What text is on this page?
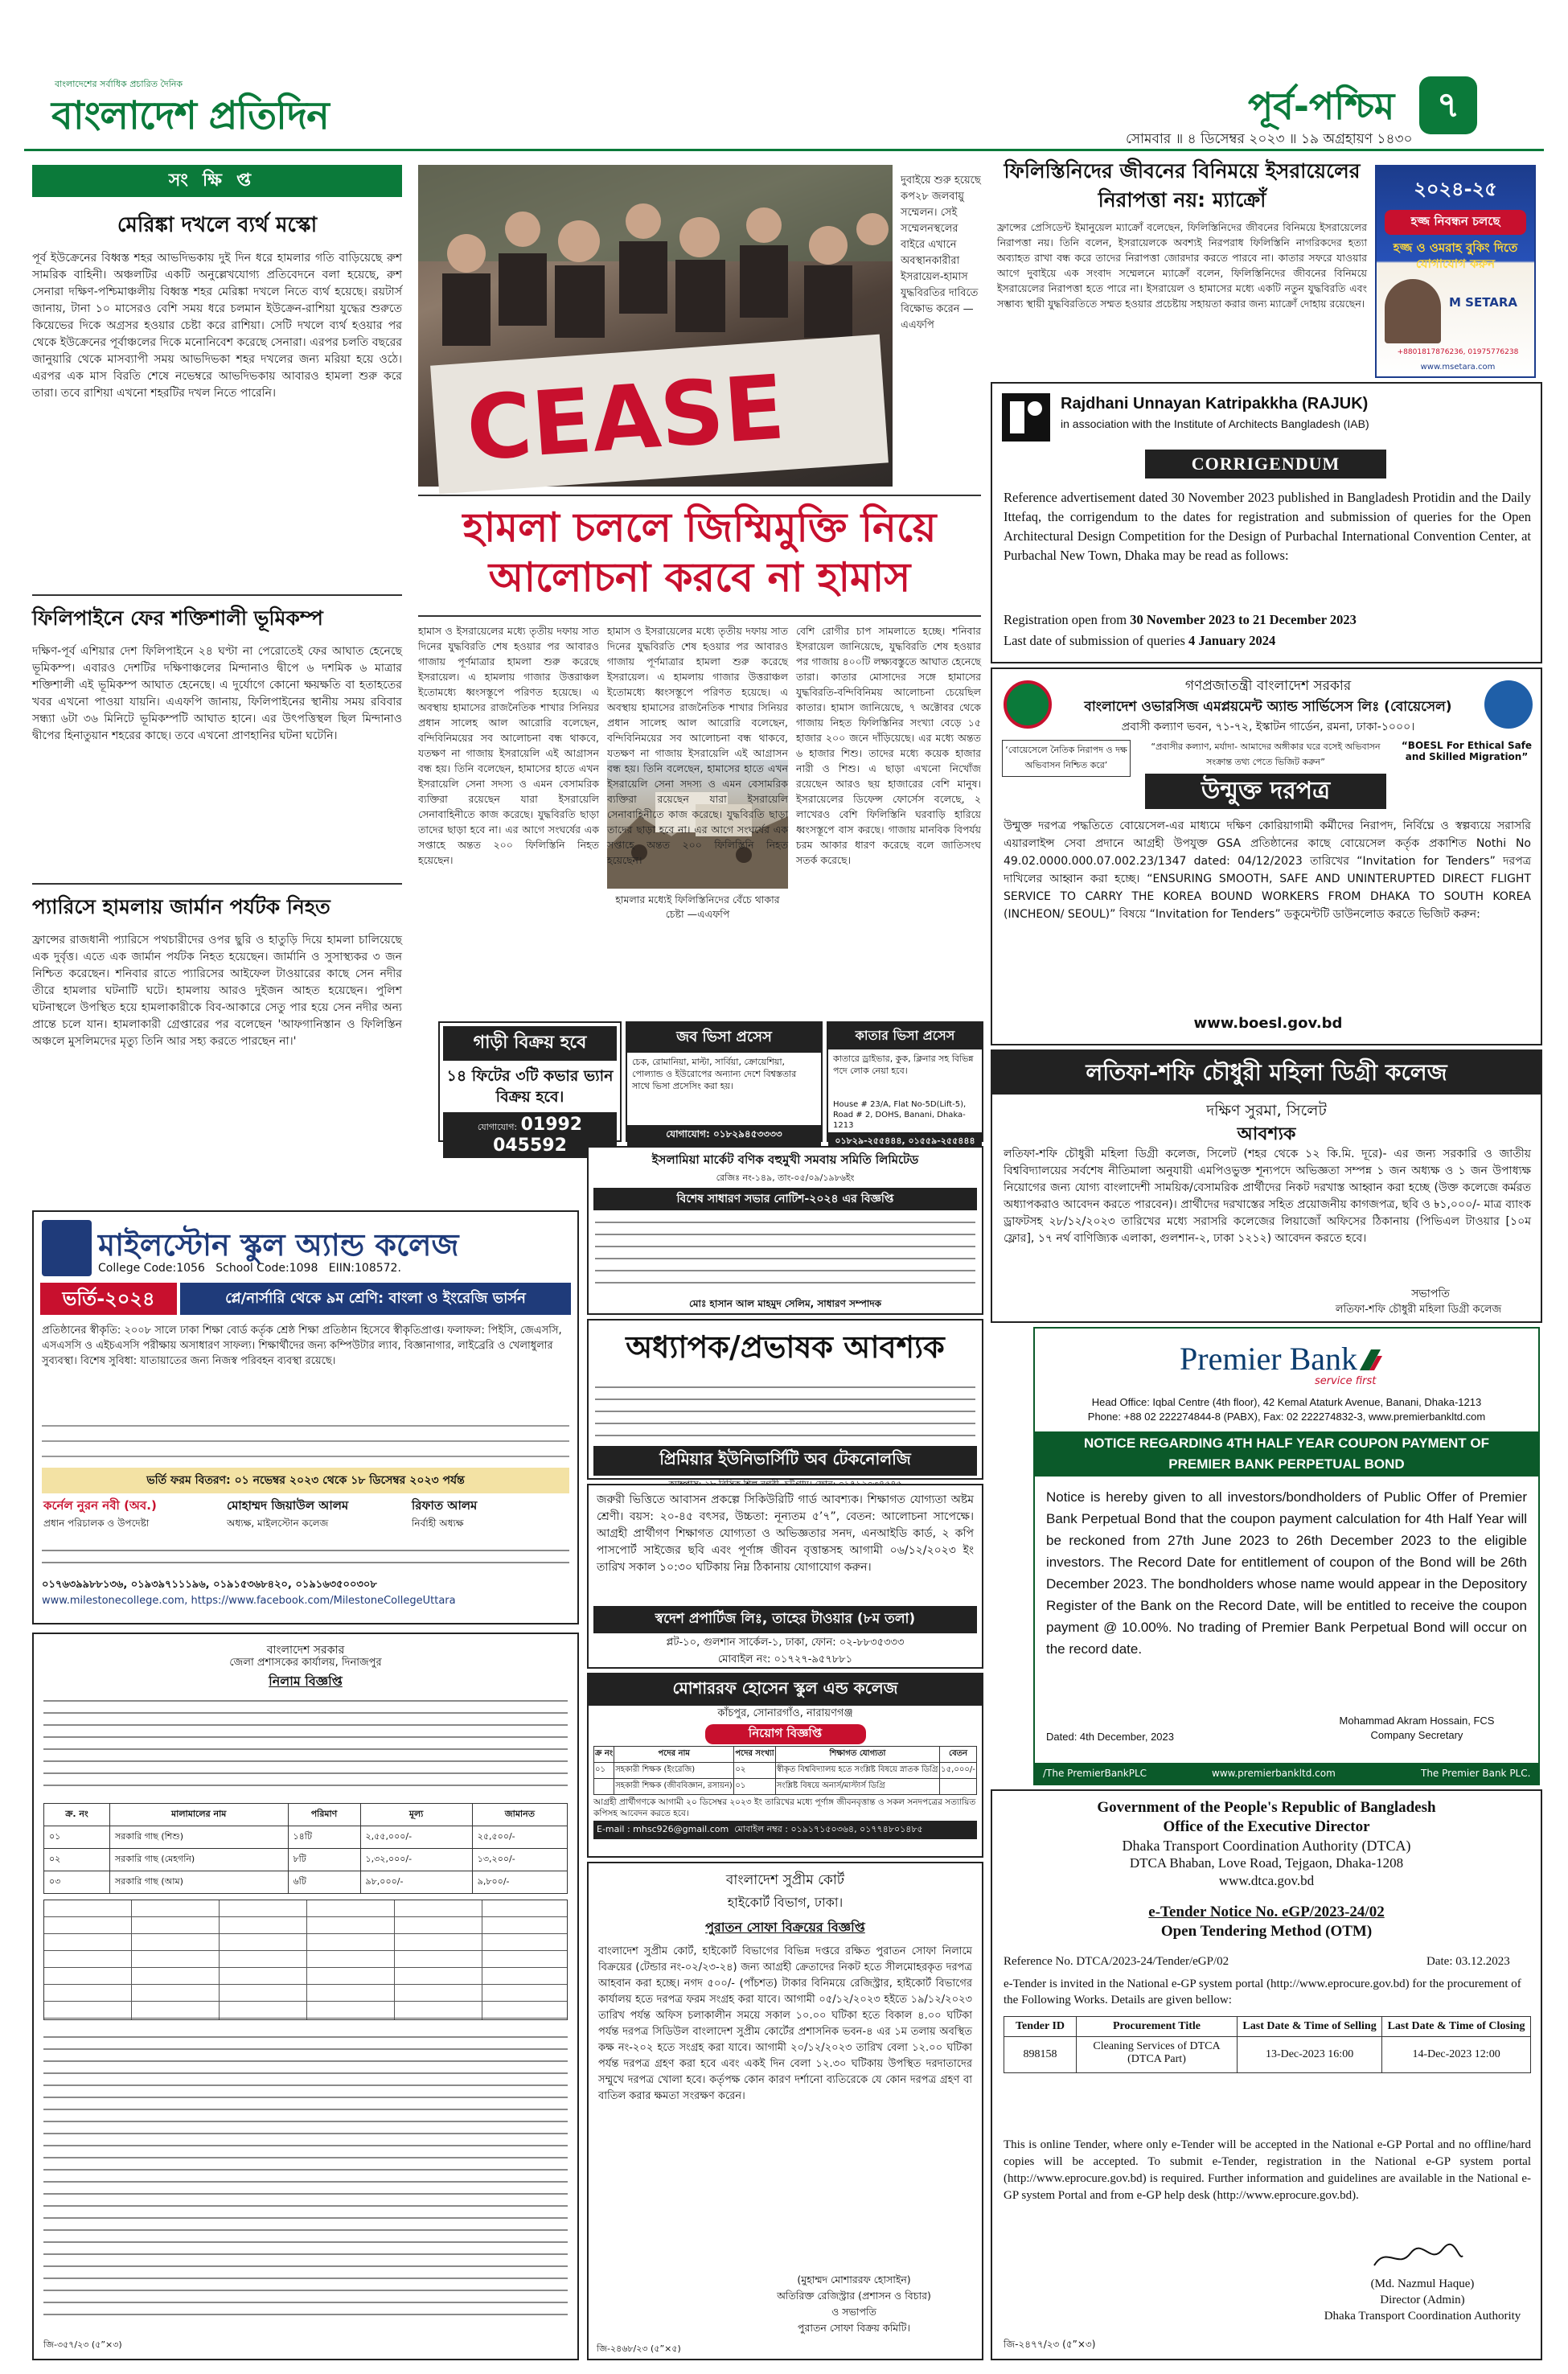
বাংলাদেশের সর্বাধিক প্রচারিত দৈনিক
বাংলাদেশ প্রতিদিন	পূর্ব-পশ্চিম	৭
সোমবার ॥ ৪ ডিসেম্বর ২০২৩ ॥ ১৯ অগ্রহায়ণ ১৪৩০
সংক্ষিপ্ত
মেরিঙ্কা দখলে ব্যর্থ মস্কো
পূর্ব ইউক্রেনের বিধ্বস্ত শহর আভদিভকায় দুই দিন ধরে হামলার গতি বাড়িয়েছে রুশ সামরিক বাহিনী। অঞ্চলটির একটি অনুল্লেখযোগ্য প্রতিবেদনে বলা হয়েছে, রুশ সেনারা দক্ষিণ-পশ্চিমাঞ্চলীয় বিধ্বস্ত শহর মেরিঙ্কা দখলে নিতে ব্যর্থ হয়েছে। রয়টার্স জানায়, টানা ১০ মাসেরও বেশি সময় ধরে চলমান ইউক্রেন-রাশিয়া যুদ্ধের শুরুতে কিয়েভের দিকে অগ্রসর হওয়ার চেষ্টা করে রাশিয়া। সেটি দখলে ব্যর্থ হওয়ার পর থেকে ইউক্রেনের পূর্বাঞ্চলের দিকে মনোনিবেশ করেছে সেনারা। এরপর চলতি বছরের জানুয়ারি থেকে মাসব্যাপী সময় আভদিভকা শহর দখলের জন্য মরিয়া হয়ে ওঠে। এরপর এক মাস বিরতি শেষে নভেম্বরে আভদিভকায় আবারও হামলা শুরু করে তারা। তবে রাশিয়া এখনো শহরটির দখল নিতে পারেনি।
ফিলিপাইনে ফের শক্তিশালী ভূমিকম্প
দক্ষিণ-পূর্ব এশিয়ার দেশ ফিলিপাইনে ২৪ ঘণ্টা না পেরোতেই ফের আঘাত হেনেছে ভূমিকম্প। এবারও দেশটির দক্ষিণাঞ্চলের মিন্দানাও দ্বীপে ৬ দশমিক ৬ মাত্রার শক্তিশালী এই ভূমিকম্প আঘাত হেনেছে। এ দুর্যোগে কোনো ক্ষয়ক্ষতি বা হতাহতের খবর এখনো পাওয়া যায়নি। এএফপি জানায়, ফিলিপাইনের স্থানীয় সময় রবিবার সন্ধ্যা ৬টা ৩৬ মিনিটে ভূমিকম্পটি আঘাত হানে। এর উৎপত্তিস্থল ছিল মিন্দানাও দ্বীপের হিনাতুয়ান শহরের কাছে। তবে এখনো প্রাণহানির ঘটনা ঘটেনি।
প্যারিসে হামলায় জার্মান পর্যটক নিহত
ফ্রান্সের রাজধানী প্যারিসে পথচারীদের ওপর ছুরি ও হাতুড়ি দিয়ে হামলা চালিয়েছে এক দুর্বৃত্ত। এতে এক জার্মান পর্যটক নিহত হয়েছেন। জার্মানি ও সুসাস্থ্যকর ৩ জন নিশ্চিত করেছেন। শনিবার রাতে প্যারিসের আইফেল টাওয়ারের কাছে সেন নদীর তীরে হামলার ঘটনাটি ঘটে। হামলায় আরও দুইজন আহত হয়েছেন। পুলিশ ঘটনাস্থলে উপস্থিত হয়ে হামলাকারীকে বিব-আকারে সেতু পার হয়ে সেন নদীর অন্য প্রান্তে চলে যান। হামলাকারী গ্রেপ্তারের পর বলেছেন 'আফগানিস্তান ও ফিলিস্তিন অঞ্চলে মুসলিমদের মৃত্যু তিনি আর সহ্য করতে পারছেন না।'
CEASE
দুবাইয়ে শুরু হয়েছে কপ২৮ জলবায়ু সম্মেলন। সেই সম্মেলনস্থলের বাইরে এখানে অবস্থানকারীরা ইসরায়েল-হামাস যুদ্ধবিরতির দাবিতে বিক্ষোভ করেন —এএফপি
হামলা চললে জিম্মিমুক্তি নিয়ে আলোচনা করবে না হামাস
হামাস ও ইসরায়েলের মধ্যে তৃতীয় দফায় সাত দিনের যুদ্ধবিরতি শেষ হওয়ার পর আবারও গাজায় পূর্ণমাত্রার হামলা শুরু করেছে ইসরায়েল। এ হামলায় গাজার উত্তরাঞ্চল ইতোমধ্যে ধ্বংসস্তূপে পরিণত হয়েছে। এ অবস্থায় হামাসের রাজনৈতিক শাখার সিনিয়র প্রধান সালেহ আল আরোরি বলেছেন, বন্দিবিনিময়ের সব আলোচনা বন্ধ থাকবে, যতক্ষণ না গাজায় ইসরায়েলি এই আগ্রাসন বন্ধ হয়। তিনি বলেছেন, হামাসের হাতে এখন ইসরায়েলি সেনা সদস্য ও এমন বেসামরিক ব্যক্তিরা রয়েছেন যারা ইসরায়েলি সেনাবাহিনীতে কাজ করেছে। যুদ্ধবিরতি ছাড়া তাদের ছাড়া হবে না। এর আগে সংঘর্ষের এক সপ্তাহে অন্তত ২০০ ফিলিস্তিনি নিহত হয়েছেন।
হামলার মধ্যেই ফিলিস্তিনিদের বেঁচে থাকার চেষ্টা —এএফপি
হামাস ও ইসরায়েলের মধ্যে তৃতীয় দফায় সাত দিনের যুদ্ধবিরতি শেষ হওয়ার পর আবারও গাজায় পূর্ণমাত্রার হামলা শুরু করেছে ইসরায়েল। এ হামলায় গাজার উত্তরাঞ্চল ইতোমধ্যে ধ্বংসস্তূপে পরিণত হয়েছে। এ অবস্থায় হামাসের রাজনৈতিক শাখার সিনিয়র প্রধান সালেহ আল আরোরি বলেছেন, বন্দিবিনিময়ের সব আলোচনা বন্ধ থাকবে, যতক্ষণ না গাজায় ইসরায়েলি এই আগ্রাসন বন্ধ হয়। তিনি বলেছেন, হামাসের হাতে এখন ইসরায়েলি সেনা সদস্য ও এমন বেসামরিক ব্যক্তিরা রয়েছেন যারা ইসরায়েলি সেনাবাহিনীতে কাজ করেছে। যুদ্ধবিরতি ছাড়া তাদের ছাড়া হবে না। এর আগে সংঘর্ষের এক সপ্তাহে অন্তত ২০০ ফিলিস্তিনি নিহত হয়েছেন।
বেশি রোগীর চাপ সামলাতে হচ্ছে। শনিবার ইসরায়েল জানিয়েছে, যুদ্ধবিরতি শেষ হওয়ার পর গাজায় ৪০০টি লক্ষ্যবস্তুতে আঘাত হেনেছে তারা। কাতার মোসাদের সঙ্গে হামাসের যুদ্ধবিরতি-বন্দিবিনিময় আলোচনা চেয়েছিল কাতার। হামাস জানিয়েছে, ৭ অক্টোবর থেকে গাজায় নিহত ফিলিস্তিনির সংখ্যা বেড়ে ১৫ হাজার ২০০ জনে দাঁড়িয়েছে। এর মধ্যে অন্তত ৬ হাজার শিশু। তাদের মধ্যে কয়েক হাজার নারী ও শিশু। এ ছাড়া এখনো নিখোঁজ রয়েছেন আরও ছয় হাজারের বেশি মানুষ। ইসরায়েলের ডিফেন্স ফোর্সেস বলেছে, ২ লাখেরও বেশি ফিলিস্তিনি ঘরবাড়ি হারিয়ে ধ্বংসস্তূপে বাস করছে। গাজায় মানবিক বিপর্যয় চরম আকার ধারণ করেছে বলে জাতিসংঘ সতর্ক করেছে।
ফিলিস্তিনিদের জীবনের বিনিময়ে ইসরায়েলের নিরাপত্তা নয়: ম্যাক্রোঁ
ফ্রান্সের প্রেসিডেন্ট ইমানুয়েল ম্যাক্রোঁ বলেছেন, ফিলিস্তিনিদের জীবনের বিনিময়ে ইসরায়েলের নিরাপত্তা নয়। তিনি বলেন, ইসরায়েলকে অবশ্যই নিরপরাধ ফিলিস্তিনি নাগরিকদের হত্যা অব্যাহত রাখা বন্ধ করে তাদের নিরাপত্তা জোরদার করতে পারবে না। কাতার সফরে যাওয়ার আগে দুবাইয়ে এক সংবাদ সম্মেলনে ম্যাক্রোঁ বলেন, ফিলিস্তিনিদের জীবনের বিনিময়ে ইসরায়েলের নিরাপত্তা হতে পারে না। ইসরায়েল ও হামাসের মধ্যে একটি নতুন যুদ্ধবিরতি এবং সম্ভাব্য স্থায়ী যুদ্ধবিরতিতে সম্মত হওয়ার প্রচেষ্টায় সহায়তা করার জন্য ম্যাক্রোঁ দোহায় রয়েছেন।
২০২৪-২৫
হজ্জ নিবন্ধন চলছে
হজ্জ ও ওমরাহ বুকিং দিতে যোগাযোগ করুন
M SETARA
+8801817876236, 01975776238
www.msetara.com
Rajdhani Unnayan Katripakkha (RAJUK)
in association with the Institute of Architects Bangladesh (IAB)
CORRIGENDUM
Reference advertisement dated 30 November 2023 published in Bangladesh Protidin and the Daily Ittefaq, the corrigendum to the dates for registration and submission of queries for the Open Architectural Design Competition for the Design of Purbachal International Convention Center, at Purbachal New Town, Dhaka may be read as follows:
Registration open from 30 November 2023 to 21 December 2023
Last date of submission of queries 4 January 2024
গণপ্রজাতন্ত্রী বাংলাদেশ সরকার
বাংলাদেশ ওভারসিজ এমপ্লয়মেন্ট অ্যান্ড সার্ভিসেস লিঃ (বোয়েসেল)
প্রবাসী কল্যাণ ভবন, ৭১-৭২, ইস্কাটন গার্ডেন, রমনা, ঢাকা-১০০০।
‘বোয়েসেলে নৈতিক নিরাপদ ও দক্ষ অভিবাসন নিশ্চিত করে’
“প্রবাসীর কল্যাণ, মর্যাদা- আমাদের অঙ্গীকার ঘরে বসেই অভিবাসন সংক্রান্ত তথ্য পেতে ভিজিট করুন”
“BOESL For Ethical Safe and Skilled Migration”
উন্মুক্ত দরপত্র
উন্মুক্ত দরপত্র পদ্ধতিতে বোয়েসেল-এর মাধ্যমে দক্ষিণ কোরিয়াগামী কর্মীদের নিরাপদ, নির্বিঘ্নে ও স্বল্পব্যয়ে সরাসরি এয়ারলাইন্স সেবা প্রদানে আগ্রহী উপযুক্ত GSA প্রতিষ্ঠানের কাছে বোয়েসেল কর্তৃক প্রকাশিত Nothi No 49.02.0000.000.07.002.23/1347 dated: 04/12/2023 তারিখের “Invitation for Tenders” দরপত্র দাখিলের আহ্বান করা হচ্ছে। “ENSURING SMOOTH, SAFE AND UNINTERUPTED DIRECT FLIGHT SERVICE TO CARRY THE KOREA BOUND WORKERS FROM DHAKA TO SOUTH KOREA (INCHEON/ SEOUL)” বিষয়ে “Invitation for Tenders” ডকুমেন্টটি ডাউনলোড করতে ভিজিট করুন:
www.boesl.gov.bd
লতিফা-শফি চৌধুরী মহিলা ডিগ্রী কলেজ
দক্ষিণ সুরমা, সিলেট
আবশ্যক
লতিফা-শফি চৌধুরী মহিলা ডিগ্রী কলেজ, সিলেট (শহর থেকে ১২ কি.মি. দূরে)- এর জন্য সরকারি ও জাতীয় বিশ্ববিদ্যালয়ের সর্বশেষ নীতিমালা অনুযায়ী এমপিওভুক্ত শূন্যপদে অভিজ্ঞতা সম্পন্ন ১ জন অধ্যক্ষ ও ১ জন উপাধ্যক্ষ নিয়োগের জন্য যোগ্য বাংলাদেশী সাময়িক/বেসামরিক প্রার্থীদের নিকট দরখাস্ত আহ্বান করা হচ্ছে (উক্ত কলেজে কর্মরত অধ্যাপকরাও আবেদন করতে পারবেন)। প্রার্থীদের দরখাস্তের সহিত প্রয়োজনীয় কাগজপত্র, ছবি ও ৳১,০০০/- মাত্র ব্যাংক ড্রাফটসহ ২৮/১২/২০২৩ তারিখের মধ্যে সরাসরি কলেজের লিয়াজোঁ অফিসের ঠিকানায় (পিভিএল টাওয়ার [১০ম ফ্লোর], ১৭ নর্থ বাণিজ্যিক এলাকা, গুলশান-২, ঢাকা ১২১২) আবেদন করতে হবে।
সভাপতি
লতিফা-শফি চৌধুরী মহিলা ডিগ্রী কলেজ
Premier Bank
service first
Head Office: Iqbal Centre (4th floor), 42 Kemal Ataturk Avenue, Banani, Dhaka-1213
Phone: +88 02 222274844-8 (PABX), Fax: 02 222274832-3, www.premierbankltd.com
NOTICE REGARDING 4TH HALF YEAR COUPON PAYMENT OF PREMIER BANK PERPETUAL BOND
Notice is hereby given to all investors/bondholders of Public Offer of Premier Bank Perpetual Bond that the coupon payment calculation for 4th Half Year will be reckoned from 27th June 2023 to 26th December 2023 to the eligible investors. The Record Date for entitlement of coupon of the Bond will be 26th December 2023. The bondholders whose name would appear in the Depository Register of the Bank on the Record Date, will be entitled to receive the coupon payment @ 10.00%. No trading of Premier Bank Perpetual Bond will occur on the record date.
Dated: 4th December, 2023
Mohammad Akram Hossain, FCS
Company Secretary
/The PremierBankPLC	www.premierbankltd.com	The Premier Bank PLC.
Government of the People's Republic of Bangladesh
Office of the Executive Director
Dhaka Transport Coordination Authority (DTCA)
DTCA Bhaban, Love Road, Tejgaon, Dhaka-1208
www.dtca.gov.bd
e-Tender Notice No. eGP/2023-24/02
Open Tendering Method (OTM)
Reference No. DTCA/2023-24/Tender/eGP/02	Date: 03.12.2023
e-Tender is invited in the National e-GP system portal (http://www.eprocure.gov.bd) for the procurement of the Following Works. Details are given bellow:
Tender ID	Procurement Title	Last Date & Time of Selling	Last Date & Time of Closing
898158	Cleaning Services of DTCA (DTCA Part)	13-Dec-2023 16:00	14-Dec-2023 12:00
This is online Tender, where only e-Tender will be accepted in the National e-GP Portal and no offline/hard copies will be accepted. To submit e-Tender, registration in the National e-GP system portal (http://www.eprocure.gov.bd) is required. Further information and guidelines are available in the National e-GP system Portal and from e-GP help desk (http://www.eprocure.gov.bd).
(Md. Nazmul Haque)
Director (Admin)
Dhaka Transport Coordination Authority
জি-২৪৭৭/২৩ (৫”×৩)
গাড়ী বিক্রয় হবে
১৪ ফিটের ৩টি কভার ভ্যান বিক্রয় হবে।
যোগাযোগ: 01992 045592
জব ভিসা প্রসেস
চেক, রোমানিয়া, মাল্টা, সার্বিয়া, ক্রোয়েশিয়া, পোল্যান্ড ও ইউরোপের অন্যান্য দেশে বিশ্বস্ততার সাথে ভিসা প্রসেসিং করা হয়।
যোগাযোগ: ০১৮২৯৪৫৩৩৩৩
কাতার ভিসা প্রসেস
কাতারে ড্রাইভার, কুক, ক্লিনার সহ বিভিন্ন পদে লোক নেয়া হবে।
House # 23/A, Flat No-5D(Lift-5), Road # 2, DOHS, Banani, Dhaka-1213
০১৮২৯-২৫৫৪৪৪, ০১৫৫৯-২৫৫৪৪৪
মাইলস্টোন স্কুল অ্যান্ড কলেজ
College Code:1056 School Code:1098 EIIN:108572.
ভর্তি-২০২৪	প্লে/নার্সারি থেকে ৯ম শ্রেণি: বাংলা ও ইংরেজি ভার্সন
প্রতিষ্ঠানের স্বীকৃতি: ২০০৮ সালে ঢাকা শিক্ষা বোর্ড কর্তৃক শ্রেষ্ঠ শিক্ষা প্রতিষ্ঠান হিসেবে স্বীকৃতিপ্রাপ্ত। ফলাফল: পিইসি, জেএসসি, এসএসসি ও এইচএসসি পরীক্ষায় অসাধারণ সাফল্য। শিক্ষার্থীদের জন্য কম্পিউটার ল্যাব, বিজ্ঞানাগার, লাইব্রেরি ও খেলাধুলার সুব্যবস্থা। বিশেষ সুবিধা: যাতায়াতের জন্য নিজস্ব পরিবহন ব্যবস্থা রয়েছে।
ভর্তি ফরম বিতরণ: ০১ নভেম্বর ২০২৩ থেকে ১৮ ডিসেম্বর ২০২৩ পর্যন্ত
কর্নেল নুরন নবী (অব.)
প্রধান পরিচালক ও উপদেষ্টা
মোহাম্মদ জিয়াউল আলম
অধ্যক্ষ, মাইলস্টোন কলেজ
রিফাত আলম
নির্বাহী অধ্যক্ষ
০১৭৬৩৯৯৮৮১৩৬, ০১৯৩৯৭১১১৯৬, ০১৯১৫৩৬৮৪২০, ০১৯১৬৩৫০০৩০৮
www.milestonecollege.com, https://www.facebook.com/MilestoneCollegeUttara
বাংলাদেশ সরকার
জেলা প্রশাসকের কার্যালয়, দিনাজপুর
নিলাম বিজ্ঞপ্তি
ক্র. নং	মালামালের নাম	পরিমাণ	মূল্য	জামানত
০১	সরকারি গাছ (শিশু)	১৪টি	২,৫৫,০০০/-	২৫,৫০০/-
০২	সরকারি গাছ (মেহগনি)	৮টি	১,৩২,০০০/-	১৩,২০০/-
০৩	সরকারি গাছ (আম)	৬টি	৯৮,০০০/-	৯,৮০০/-
জি-৩৫৭/২৩ (৫”×৩)
ইসলামিয়া মার্কেট বণিক বহুমুখী সমবায় সমিতি লিমিটেড
রেজিঃ নং-১৪৯, তাং-০৫/০৯/১৯৮৬ইং
বিশেষ সাধারণ সভার নোটিশ-২০২৪ এর বিজ্ঞপ্তি
মোঃ হাসান আল মাহমুদ সেলিম, সাধারণ সম্পাদক
অধ্যাপক/প্রভাষক আবশ্যক
প্রিমিয়ার ইউনিভার্সিটি অব টেকনোলজি
জরুরী ভিত্তিতে আবাসন প্রকল্পে সিকিউরিটি গার্ড আবশ্যক। শিক্ষাগত যোগ্যতা অষ্টম শ্রেণী। বয়স: ২০-৪৫ বৎসর, উচ্চতা: নূন্যতম ৫’৭”, বেতন: আলোচনা সাপেক্ষে। আগ্রহী প্রার্থীগণ শিক্ষাগত যোগ্যতা ও অভিজ্ঞতার সনদ, এনআইডি কার্ড, ২ কপি পাসপোর্ট সাইজের ছবি এবং পূর্ণাঙ্গ জীবন বৃত্তান্তসহ আগামী ০৬/১২/২০২৩ ইং তারিখ সকাল ১০:৩০ ঘটিকায় নিম্ন ঠিকানায় যোগাযোগ করুন।
স্বদেশ প্রপার্টিজ লিঃ, তাহের টাওয়ার (৮ম তলা)
প্লট-১০, গুলশান সার্কেল-১, ঢাকা, ফোন: ০২-৮৮৩৫৩৩৩
মোবাইল নং: ০১৭২৭-৯৫৭৮৮১
মোশাররফ হোসেন স্কুল এন্ড কলেজ
কাঁচপুর, সোনারগাঁও, নারায়ণগঞ্জ
নিয়োগ বিজ্ঞপ্তি
ক্র নং	পদের নাম	পদের সংখ্যা	শিক্ষাগত যোগ্যতা	বেতন
০১	সহকারী শিক্ষক (ইংরেজি)	০২	স্বীকৃত বিশ্ববিদ্যালয় হতে সংশ্লিষ্ট বিষয়ে স্নাতক ডিগ্রি	১৫,০০০/-
	সহকারী শিক্ষক (জীববিজ্ঞান, রসায়ন)	০১	সংশ্লিষ্ট বিষয়ে অনার্স/মাস্টার্স ডিগ্রি	
আগ্রহী প্রার্থীগণকে আগামী ২০ ডিসেম্বর ২০২৩ ইং তারিখের মধ্যে পূর্ণাঙ্গ জীবনবৃত্তান্ত ও সকল সনদপত্রের সত্যায়িত কপিসহ আবেদন করতে হবে।
E-mail : mhsc926@gmail.com মোবাইল নম্বর : ০১৯১৭১৫০৩৬৪, ০১৭৭৪৮০১৪৮৫
বাংলাদেশ সুপ্রীম কোর্ট
হাইকোর্ট বিভাগ, ঢাকা।
পুরাতন সোফা বিক্রয়ের বিজ্ঞপ্তি
বাংলাদেশ সুপ্রীম কোর্ট, হাইকোর্ট বিভাগের বিভিন্ন দপ্তরে রক্ষিত পুরাতন সোফা নিলামে বিক্রয়ের (টেন্ডার নং-০২/২৩-২৪) জন্য আগ্রহী ক্রেতাদের নিকট হতে সীলমোহরকৃত দরপত্র আহবান করা হচ্ছে। নগদ ৫০০/- (পাঁচশত) টাকার বিনিময়ে রেজিস্ট্রার, হাইকোর্ট বিভাগের কার্যালয় হতে দরপত্র ফরম সংগ্রহ করা যাবে। আগামী ০৫/১২/২০২৩ হইতে ১৯/১২/২০২৩ তারিখ পর্যন্ত অফিস চলাকালীন সময়ে সকাল ১০.০০ ঘটিকা হতে বিকাল ৪.০০ ঘটিকা পর্যন্ত দরপত্র সিডিউল বাংলাদেশ সুপ্রীম কোর্টের প্রশাসনিক ভবন-৪ এর ১ম তলায় অবস্থিত কক্ষ নং-২০২ হতে সংগ্রহ করা যাবে। আগামী ২০/১২/২০২৩ তারিখ বেলা ১২.০০ ঘটিকা পর্যন্ত দরপত্র গ্রহণ করা হবে এবং একই দিন বেলা ১২.৩০ ঘটিকায় উপস্থিত দরদাতাদের সম্মুখে দরপত্র খোলা হবে। কর্তৃপক্ষ কোন কারণ দর্শানো ব্যতিরেকে যে কোন দরপত্র গ্রহণ বা বাতিল করার ক্ষমতা সংরক্ষণ করেন।
(মুহাম্মদ মোশাররফ হোসাইন)
অতিরিক্ত রেজিস্ট্রার (প্রশাসন ও বিচার)
ও সভাপতি
পুরাতন সোফা বিক্রয় কমিটি।
জি-২৪৬৮/২৩ (৫”×৫)
